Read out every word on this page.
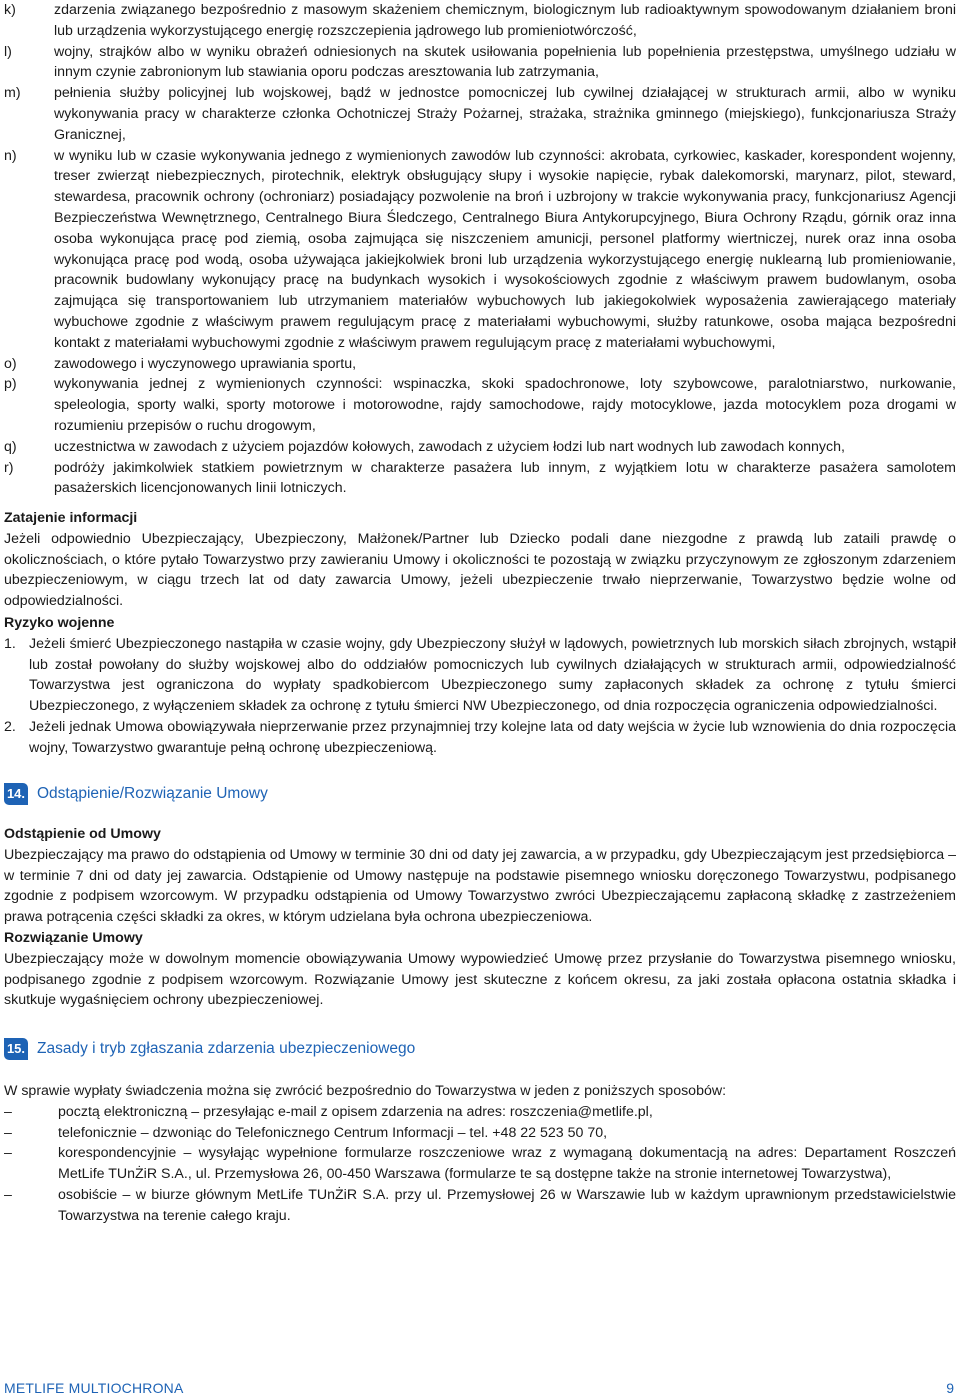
k)	zdarzenia związanego bezpośrednio z masowym skażeniem chemicznym, biologicznym lub radioaktywnym spowodowanym działaniem broni lub urządzenia wykorzystującego energię rozszczepienia jądrowego lub promieniotwórczość,
l)	wojny, strajków albo w wyniku obrażeń odniesionych na skutek usiłowania popełnienia lub popełnienia przestępstwa, umyślnego udziału w innym czynie zabronionym lub stawiania oporu podczas aresztowania lub zatrzymania,
m)	pełnienia służby policyjnej lub wojskowej, bądź w jednostce pomocniczej lub cywilnej działającej w strukturach armii, albo w wyniku wykonywania pracy w charakterze członka Ochotniczej Straży Pożarnej, strażaka, strażnika gminnego (miejskiego), funkcjonariusza Straży Granicznej,
n)	w wyniku lub w czasie wykonywania jednego z wymienionych zawodów lub czynności: akrobata, cyrkowiec, kaskader, korespondent wojenny, treser zwierząt niebezpiecznych, pirotechnik, elektryk obsługujący słupy i wysokie napięcie, rybak dalekomorski, marynarz, pilot, steward, stewardesa, pracownik ochrony (ochroniarz) posiadający pozwolenie na broń i uzbrojony w trakcie wykonywania pracy, funkcjonariusz Agencji Bezpieczeństwa Wewnętrznego, Centralnego Biura Śledczego, Centralnego Biura Antykorupcyjnego, Biura Ochrony Rządu, górnik oraz inna osoba wykonująca pracę pod ziemią, osoba zajmująca się niszczeniem amunicji, personel platformy wiertniczej, nurek oraz inna osoba wykonująca pracę pod wodą, osoba używająca jakiejkolwiek broni lub urządzenia wykorzystującego energię nuklearną lub promieniowanie, pracownik budowlany wykonujący pracę na budynkach wysokich i wysokościowych zgodnie z właściwym prawem budowlanym, osoba zajmująca się transportowaniem lub utrzymaniem materiałów wybuchowych lub jakiegokolwiek wyposażenia zawierającego materiały wybuchowe zgodnie z właściwym prawem regulującym pracę z materiałami wybuchowymi, służby ratunkowe, osoba mająca bezpośredni kontakt z materiałami wybuchowymi zgodnie z właściwym prawem regulującym pracę z materiałami wybuchowymi,
o)	zawodowego i wyczynowego uprawiania sportu,
p)	wykonywania jednej z wymienionych czynności: wspinaczka, skoki spadochronowe, loty szybowcowe, paralotniarstwo, nurkowanie, speleologia, sporty walki, sporty motorowe i motorowodne, rajdy samochodowe, rajdy motocyklowe, jazda motocyklem poza drogami w rozumieniu przepisów o ruchu drogowym,
q)	uczestnictwa w zawodach z użyciem pojazdów kołowych, zawodach z użyciem łodzi lub nart wodnych lub zawodach konnych,
r)	podróży jakimkolwiek statkiem powietrznym w charakterze pasażera lub innym, z wyjątkiem lotu w charakterze pasażera samolotem pasażerskich licencjonowanych linii lotniczych.
Zatajenie informacji
Jeżeli odpowiednio Ubezpieczający, Ubezpieczony, Małżonek/Partner lub Dziecko podali dane niezgodne z prawdą lub zataili prawdę o okolicznościach, o które pytało Towarzystwo przy zawieraniu Umowy i okoliczności te pozostają w związku przyczynowym ze zgłoszonym zdarzeniem ubezpieczeniowym, w ciągu trzech lat od daty zawarcia Umowy, jeżeli ubezpieczenie trwało nieprzerwanie, Towarzystwo będzie wolne od odpowiedzialności.
Ryzyko wojenne
1. Jeżeli śmierć Ubezpieczonego nastąpiła w czasie wojny, gdy Ubezpieczony służył w lądowych, powietrznych lub morskich siłach zbrojnych, wstąpił lub został powołany do służby wojskowej albo do oddziałów pomocniczych lub cywilnych działających w strukturach armii, odpowiedzialność Towarzystwa jest ograniczona do wypłaty spadkobiercom Ubezpieczonego sumy zapłaconych składek za ochronę z tytułu śmierci Ubezpieczonego, z wyłączeniem składek za ochronę z tytułu śmierci NW Ubezpieczonego, od dnia rozpoczęcia ograniczenia odpowiedzialności.
2. Jeżeli jednak Umowa obowiązywała nieprzerwanie przez przynajmniej trzy kolejne lata od daty wejścia w życie lub wznowienia do dnia rozpoczęcia wojny, Towarzystwo gwarantuje pełną ochronę ubezpieczeniową.
14. Odstąpienie/Rozwiązanie Umowy
Odstąpienie od Umowy
Ubezpieczający ma prawo do odstąpienia od Umowy w terminie 30 dni od daty jej zawarcia, a w przypadku, gdy Ubezpieczającym jest przedsiębiorca – w terminie 7 dni od daty jej zawarcia. Odstąpienie od Umowy następuje na podstawie pisemnego wniosku doręczonego Towarzystwu, podpisanego zgodnie z podpisem wzorcowym. W przypadku odstąpienia od Umowy Towarzystwo zwróci Ubezpieczającemu zapłaconą składkę z zastrzeżeniem prawa potrącenia części składki za okres, w którym udzielana była ochrona ubezpieczeniowa.
Rozwiązanie Umowy
Ubezpieczający może w dowolnym momencie obowiązywania Umowy wypowiedzieć Umowę przez przysłanie do Towarzystwa pisemnego wniosku, podpisanego zgodnie z podpisem wzorcowym. Rozwiązanie Umowy jest skuteczne z końcem okresu, za jaki została opłacona ostatnia składka i skutkuje wygaśnięciem ochrony ubezpieczeniowej.
15. Zasady i tryb zgłaszania zdarzenia ubezpieczeniowego
W sprawie wypłaty świadczenia można się zwrócić bezpośrednio do Towarzystwa w jeden z poniższych sposobów:
–	pocztą elektroniczną – przesyłając e-mail z opisem zdarzenia na adres: roszczenia@metlife.pl,
–	telefonicznie – dzwoniąc do Telefonicznego Centrum Informacji – tel. +48 22 523 50 70,
–	korespondencyjnie – wysyłając wypełnione formularze roszczeniowe wraz z wymaganą dokumentacją na adres: Departament Roszczeń MetLife TUnŻiR S.A., ul. Przemysłowa 26, 00-450 Warszawa (formularze te są dostępne także na stronie internetowej Towarzystwa),
–	osobiście – w biurze głównym MetLife TUnŻiR S.A. przy ul. Przemysłowej 26 w Warszawie lub w każdym uprawnionym przedstawicielstwie Towarzystwa na terenie całego kraju.
METLIFE MULTIOCHRONA	9
